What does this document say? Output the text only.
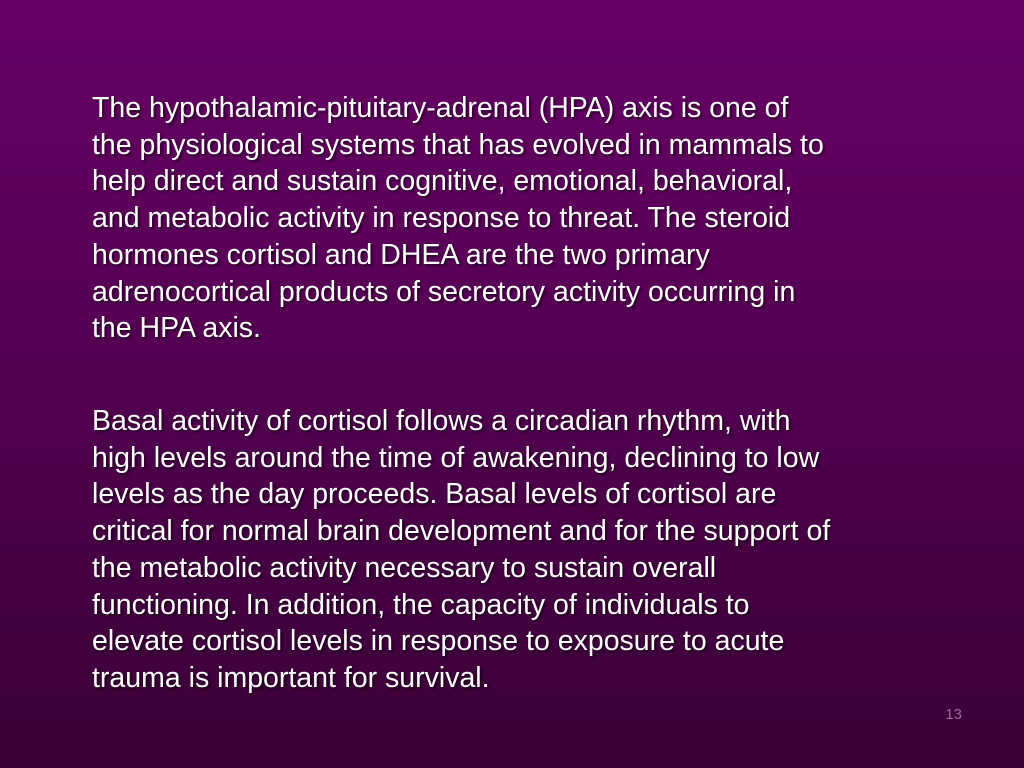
The hypothalamic-pituitary-adrenal (HPA) axis is one of
the physiological systems that has evolved in mammals to
help direct and sustain cognitive, emotional, behavioral,
and metabolic activity in response to threat. The steroid
hormones cortisol and DHEA are the two primary
adrenocortical products of secretory activity occurring in
the HPA axis.

Basal activity of cortisol follows a circadian rhythm, with
high levels around the time of awakening, declining to low
levels as the day proceeds. Basal levels of cortisol are
critical for normal brain development and for the support of
the metabolic activity necessary to sustain overall
functioning. In addition, the capacity of individuals to
elevate cortisol levels in response to exposure to acute
trauma is important for survival.

13
